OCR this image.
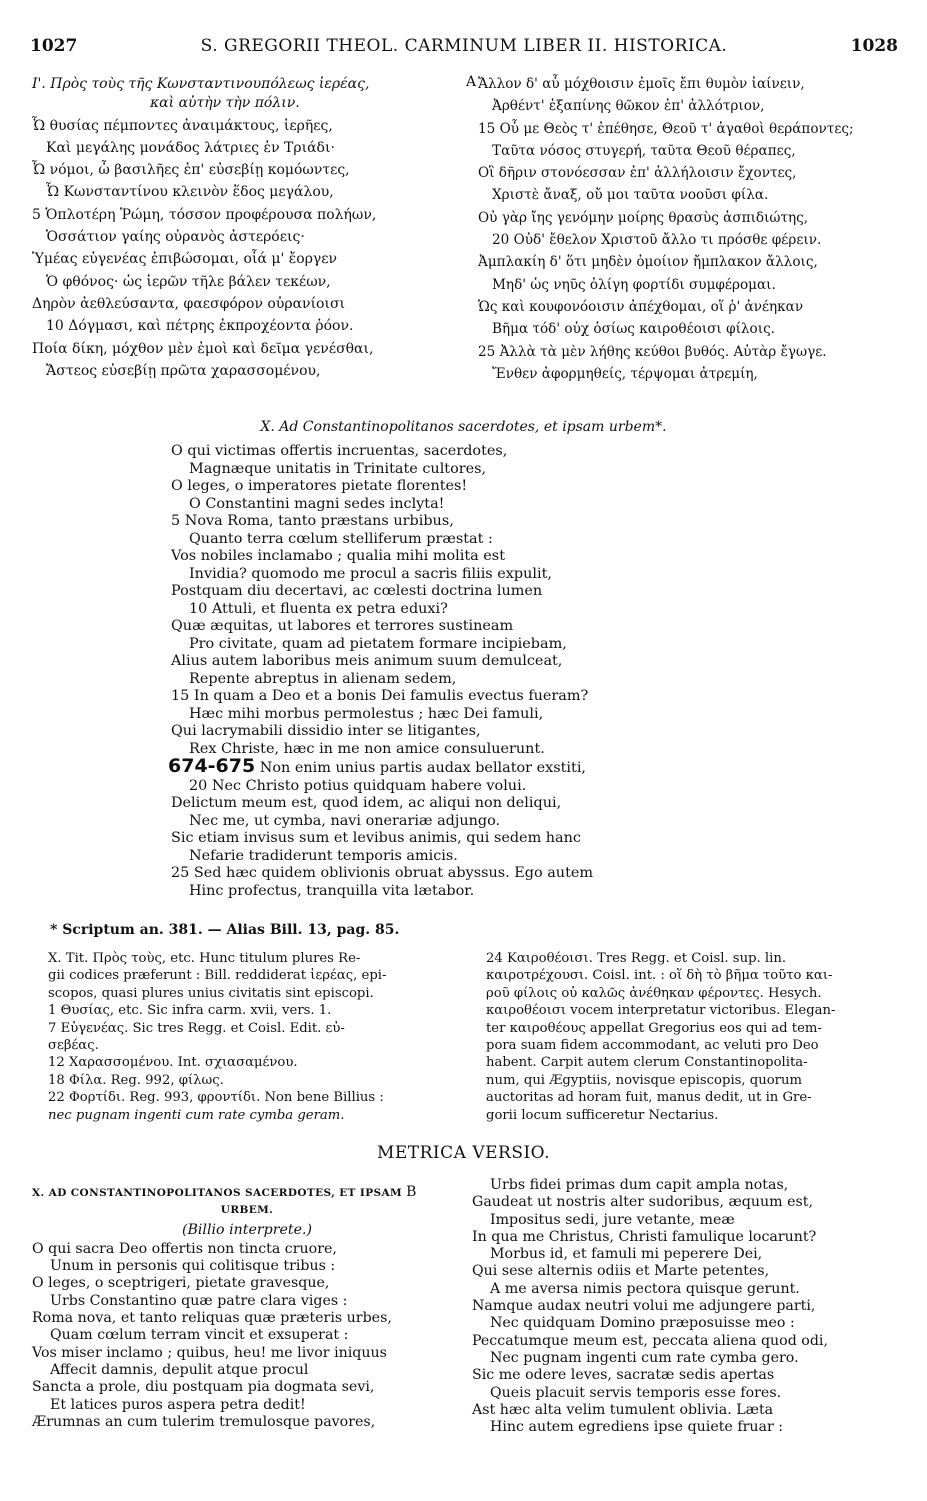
1027	S. GREGORII THEOL. CARMINUM LIBER II. HISTORICA.	1028
Ι'. Πρὸς τοὺς τῆς Κωνσταντινουπόλεως ἱερέας,
καὶ αὐτὴν τὴν πόλιν.
Ὦ θυσίας πέμποντες ἀναιμάκτους, ἱερῆες,
Καὶ μεγάλης μονάδος λάτριες ἐν Τριάδι·
Ὦ νόμοι, ὦ βασιλῆες ἐπ' εὐσεβίῃ κομόωντες,
Ὦ Κωνσταντίνου κλεινὸν ἕδος μεγάλου,
5 Ὁπλοτέρη Ῥώμη, τόσσον προφέρουσα πολήων,
Ὁσσάτιον γαίης οὐρανὸς ἀστερόεις·
Ὑμέας εὐγενέας ἐπιβώσομαι, οἷά μ' ἔοργεν
Ὁ φθόνος· ὡς ἱερῶν τῆλε βάλεν τεκέων,
Δηρὸν ἀεθλεύσαντα, φαεσφόρον οὐρανίοισι
10 Δόγμασι, καὶ πέτρης ἐκπροχέοντα ῥόον.
Ποία δίκη, μόχθον μὲν ἐμοὶ καὶ δεῖμα γενέσθαι,
Ἄστεος εὐσεβίῃ πρῶτα χαρασσομένου,
A Ἄλλον δ' αὖ μόχθοισιν ἐμοῖς ἔπι θυμὸν ἰαίνειν,
Ἀρθέντ' ἐξαπίνης θῶκον ἐπ' ἀλλότριον,
15 Οὗ με Θεὸς τ' ἐπέθησε, Θεοῦ τ' ἀγαθοὶ θεράποντες;
Ταῦτα νόσος στυγερή, ταῦτα Θεοῦ θέραπες,
Οἳ δῆριν στονόεσσαν ἐπ' ἀλλήλοισιν ἔχοντες,
Χριστὲ ἄναξ, οὔ μοι ταῦτα νοοῦσι φίλα.
Οὐ γὰρ ἴης γενόμην μοίρης θρασὺς ἀσπιδιώτης,
20 Οὐδ' ἔθελον Χριστοῦ ἄλλο τι πρόσθε φέρειν.
Ἀμπλακίη δ' ὅτι μηδὲν ὁμοίιον ἤμπλακον ἄλλοις,
Μηδ' ὡς νηῦς ὀλίγη φορτίδι συμφέρομαι.
Ὡς καὶ κουφονόοισιν ἀπέχθομαι, οἵ ῥ' ἀνέηκαν
Βῆμα τόδ' οὐχ ὁσίως καιροθέοισι φίλοις.
25 Ἀλλὰ τὰ μὲν λήθης κεύθοι βυθός. Αὐτὰρ ἔγωγε.
Ἔνθεν ἀφορμηθείς, τέρψομαι ἀτρεμίη,
X. Ad Constantinopolitanos sacerdotes, et ipsam urbem*.
O qui victimas offertis incruentas, sacerdotes,
Magnæque unitatis in Trinitate cultores,
O leges, o imperatores pietate florentes!
O Constantini magni sedes inclyta!
5 Nova Roma, tanto præstans urbibus,
Quanto terra cœlum stelliferum præstat :
Vos nobiles inclamabo ; qualia mihi molita est
Invidia? quomodo me procul a sacris filiis expulit,
Postquam diu decertavi, ac cœlesti doctrina lumen
10 Attuli, et fluenta ex petra eduxi?
Quæ æquitas, ut labores et terrores sustineam
Pro civitate, quam ad pietatem formare incipiebam,
Alius autem laboribus meis animum suum demulceat,
Repente abreptus in alienam sedem,
15 In quam a Deo et a bonis Dei famulis evectus fueram?
Hæc mihi morbus permolestus ; hæc Dei famuli,
Qui lacrymabili dissidio inter se litigantes,
Rex Christe, hæc in me non amice consuluerunt.
674-675 Non enim unius partis audax bellator exstiti,
20 Nec Christo potius quidquam habere volui.
Delictum meum est, quod idem, ac aliqui non deliqui,
Nec me, ut cymba, navi onerariæ adjungo.
Sic etiam invisus sum et levibus animis, qui sedem hanc
Nefarie tradiderunt temporis amicis.
25 Sed hæc quidem oblivionis obruat abyssus. Ego autem
Hinc profectus, tranquilla vita lætabor.
* Scriptum an. 381. — Alias Bill. 13, pag. 85.
X. Tit. Πρὸς τοὺς, etc. Hunc titulum plures Re-
gii codices præferunt : Bill. reddiderat ἱερέας, epi-
scopos, quasi plures unius civitatis sint episcopi.
1 Θυσίας, etc. Sic infra carm. xvii, vers. 1.
7 Εὐγενέας. Sic tres Regg. et Coisl. Edit. εὐ-
σεβέας.
12 Χαρασσομένου. Int. σχιασαμένου.
18 Φίλα. Reg. 992, φίλως.
22 Φορτίδι. Reg. 993, φροντίδι. Non bene Billius :
nec pugnam ingenti cum rate cymba geram.
24 Καιροθέοισι. Tres Regg. et Coisl. sup. lin.
καιροτρέχουσι. Coisl. int. : οἵ δὴ τὸ βῆμα τοῦτο και-
ροῦ φίλοις οὐ καλῶς ἀνέθηκαν φέροντες. Hesych.
καιροθέοισι vocem interpretatur victoribus. Elegan-
ter καιροθέους appellat Gregorius eos qui ad tem-
pora suam fidem accommodant, ac veluti pro Deo
habent. Carpit autem clerum Constantinopolita-
num, qui Ægyptiis, novisque episcopis, quorum
auctoritas ad horam fuit, manus dedit, ut in Gre-
gorii locum sufficeretur Nectarius.
METRICA VERSIO.
X. AD CONSTANTINOPOLITANOS SACERDOTES, ET IPSAM B
URBEM.
(Billio interprete.)
O qui sacra Deo offertis non tincta cruore,
Unum in personis qui colitisque tribus :
O leges, o sceptrigeri, pietate gravesque,
Urbs Constantino quæ patre clara viges :
Roma nova, et tanto reliquas quæ præteris urbes,
Quam cœlum terram vincit et exsuperat :
Vos miser inclamo ; quibus, heu! me livor iniquus
Affecit damnis, depulit atque procul
Sancta a prole, diu postquam pia dogmata sevi,
Et latices puros aspera petra dedit!
Ærumnas an cum tulerim tremulosque pavores,
Urbs fidei primas dum capit ampla notas,
Gaudeat ut nostris alter sudoribus, æquum est,
Impositus sedi, jure vetante, meæ
In qua me Christus, Christi famulique locarunt?
Morbus id, et famuli mi peperere Dei,
Qui sese alternis odiis et Marte petentes,
A me aversa nimis pectora quisque gerunt.
Namque audax neutri volui me adjungere parti,
Nec quidquam Domino præposuisse meo :
Peccatumque meum est, peccata aliena quod odi,
Nec pugnam ingenti cum rate cymba gero.
Sic me odere leves, sacratæ sedis apertas
Queis placuit servis temporis esse fores.
Ast hæc alta velim tumulent oblivia. Læta
Hinc autem egrediens ipse quiete fruar :
